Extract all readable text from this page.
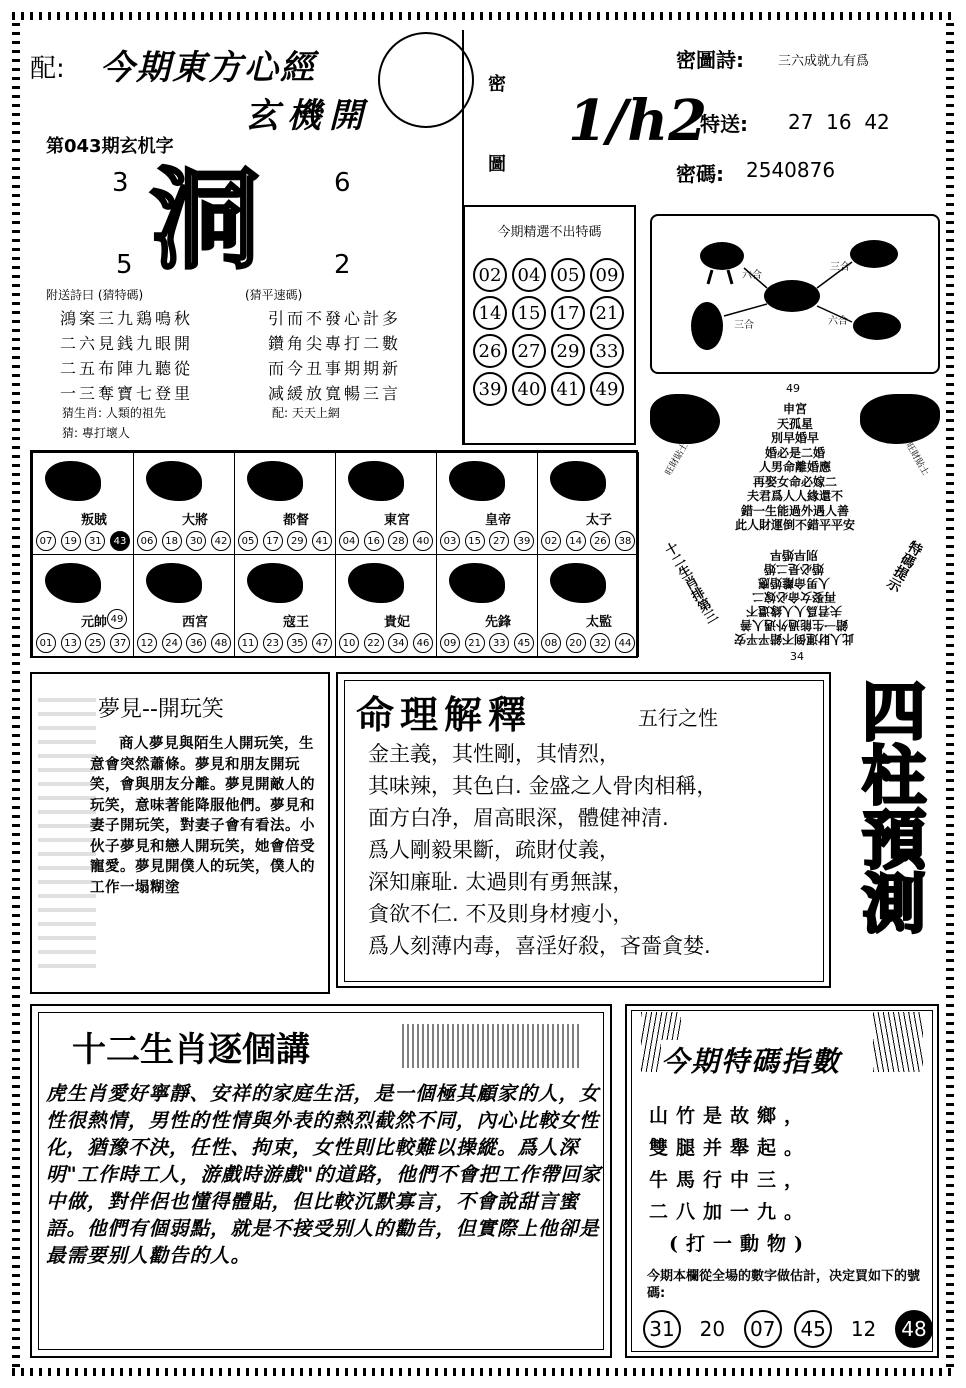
配: 今期東方心經
玄機開
第043期玄机字
3	6
5	2
洞
附送詩曰 (猜特碼)	(猜平速碼)
鴻案三九鶏鳴秋
二六見銭九眼開
二五布陣九聽從
一三奪寶七登里
引而不發心計多
鑽角尖專打二數
而今丑事期期新
减緩放寬暢三言
猜生肖: 人類的祖先
猜: 專打壞人
配: 天天上網
密
圖
1/h2
密圖詩:	三六成就九有爲
特送: 27  16  42
密碼: 2540876
今期精選不出特碼
02 04 05 09
14 15 17 21
26 27 29 33
39 40 41 49
六合
三合
三合	六合
叛賊
07	19	31	43
大將
06	18	30	42
都督
05	17	29	41
東宮
04	16	28	40
皇帝
03	15	27	39
太子
02	14	26	38
元帥 49
01	13	25	37
西宮
12	24	36	48
寇王
11	23	35	47
貴妃
10	22	34	46
先鋒
09	21	33	45
太監
08	20	32	44
49
旺財貼士	旺財貼士
申宮
天孤星
別早婚早
婚必是二婚
人男命離婚應
再娶女命必嫁二
夫君爲人人緣還不
錯一生能過外遇人善
此人財運倒不錯平平安
此人財運倒不錯平平安
錯一生能過外遇人善
夫君爲人人緣還不
再娶女命必嫁二
人男命離婚應
婚必是二婚
別早婚早
十二生肖排第三	特碼提示
34
夢見--開玩笑
商人夢見與陌生人開玩笑，生意會突然蕭條。夢見和朋友開玩笑，會與朋友分離。夢見開敵人的玩笑，意味著能降服他們。夢見和妻子開玩笑，對妻子會有看法。小伙子夢見和戀人開玩笑，她會倍受寵愛。夢見開僕人的玩笑，僕人的工作一塌糊塗
命理解釋	五行之性
金主義，其性剛，其情烈，
其味辣，其色白. 金盛之人骨肉相稱，
面方白净，眉高眼深，體健神清.
爲人剛毅果斷，疏財仗義，
深知廉耻. 太過則有勇無謀，
貪欲不仁. 不及則身材瘦小，
爲人刻薄内毒，喜淫好殺，吝嗇貪婪.
四柱預測
十二生肖逐個講
虎生肖愛好寧靜、安祥的家庭生活，是一個極其顧家的人，女性很熱情，男性的性情與外表的熱烈截然不同，內心比較女性化，猶豫不決，任性、拘束，女性則比較難以操縱。爲人深明"工作時工人，游戲時游戲"的道路，他們不會把工作帶回家中做，對伴侶也懂得體貼，但比較沉默寡言，不會說甜言蜜語。他們有個弱點，就是不接受别人的勸告，但實際上他卻是最需要别人勸告的人。
今期特碼指數
山竹是故鄉，
雙腿并舉起。
牛馬行中三，
二八加一九。
(打一動物)
今期本欄從全場的數字做估計，决定買如下的號碼:
31	20	07	45	12	48
